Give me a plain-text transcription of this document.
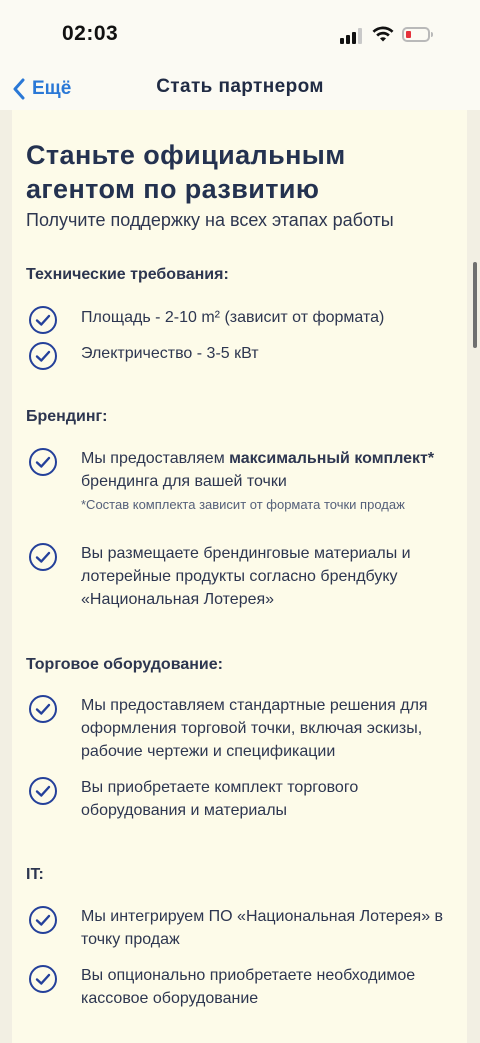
02:03
Ещё	Стать партнером
Станьте официальным
агентом по развитию
Получите поддержку на всех этапах работы
Технические требования:
Площадь - 2-10 m² (зависит от формата)
Электричество - 3-5 кВт
Брендинг:
Мы предоставляем максимальный комплект* брендинга для вашей точки
*Состав комплекта зависит от формата точки продаж
Вы размещаете брендинговые материалы и лотерейные продукты согласно брендбуку «Национальная Лотерея»
Торговое оборудование:
Мы предоставляем стандартные решения для оформления торговой точки, включая эскизы, рабочие чертежи и спецификации
Вы приобретаете комплект торгового оборудования и материалы
IT:
Мы интегрируем ПО «Национальная Лотерея» в точку продаж
Вы опционально приобретаете необходимое кассовое оборудование
